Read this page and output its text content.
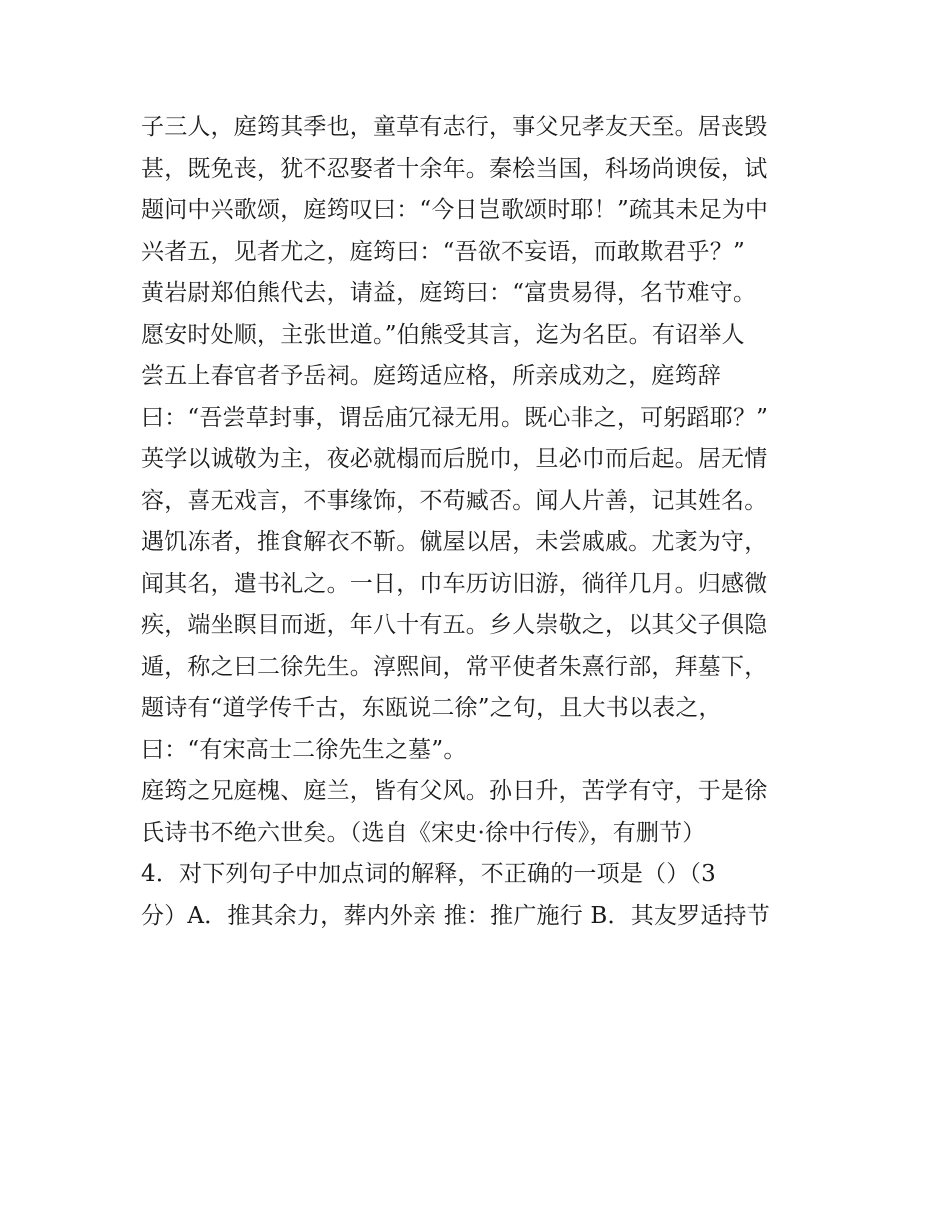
子三人，庭筠其季也，童草有志行，事父兄孝友天至。居丧毁
甚，既免丧，犹不忍娶者十余年。秦桧当国，科场尚谀佞，试
题问中兴歌颂，庭筠叹曰：“今日岂歌颂时耶！”疏其未足为中
兴者五，见者尤之，庭筠曰：“吾欲不妄语，而敢欺君乎？”
黄岩尉郑伯熊代去，请益，庭筠曰：“富贵易得，名节难守。
愿安时处顺，主张世道。”伯熊受其言，迄为名臣。有诏举人
尝五上春官者予岳祠。庭筠适应格，所亲成劝之，庭筠辞
曰：“吾尝草封事，谓岳庙冗禄无用。既心非之，可躬蹈耶？”
英学以诚敬为主，夜必就榻而后脱巾，旦必巾而后起。居无情
容，喜无戏言，不事缘饰，不苟臧否。闻人片善，记其姓名。
遇饥冻者，推食解衣不靳。僦屋以居，未尝戚戚。尤袤为守，
闻其名，遣书礼之。一日，巾车历访旧游，徜徉几月。归感微
疾，端坐瞑目而逝，年八十有五。乡人崇敬之，以其父子俱隐
遁，称之曰二徐先生。淳熙间，常平使者朱熹行部，拜墓下，
题诗有“道学传千古，东瓯说二徐”之句，且大书以表之，
曰：“有宋高士二徐先生之墓”。
庭筠之兄庭槐、庭兰，皆有父风。孙日升，苦学有守，于是徐
氏诗书不绝六世矣。（选自《宋史·徐中行传》，有删节）
4．对下列句子中加点词的解释，不正确的一项是（）（3
分）A．推其余力，葬内外亲 推：推广施行 B．其友罗适持节
